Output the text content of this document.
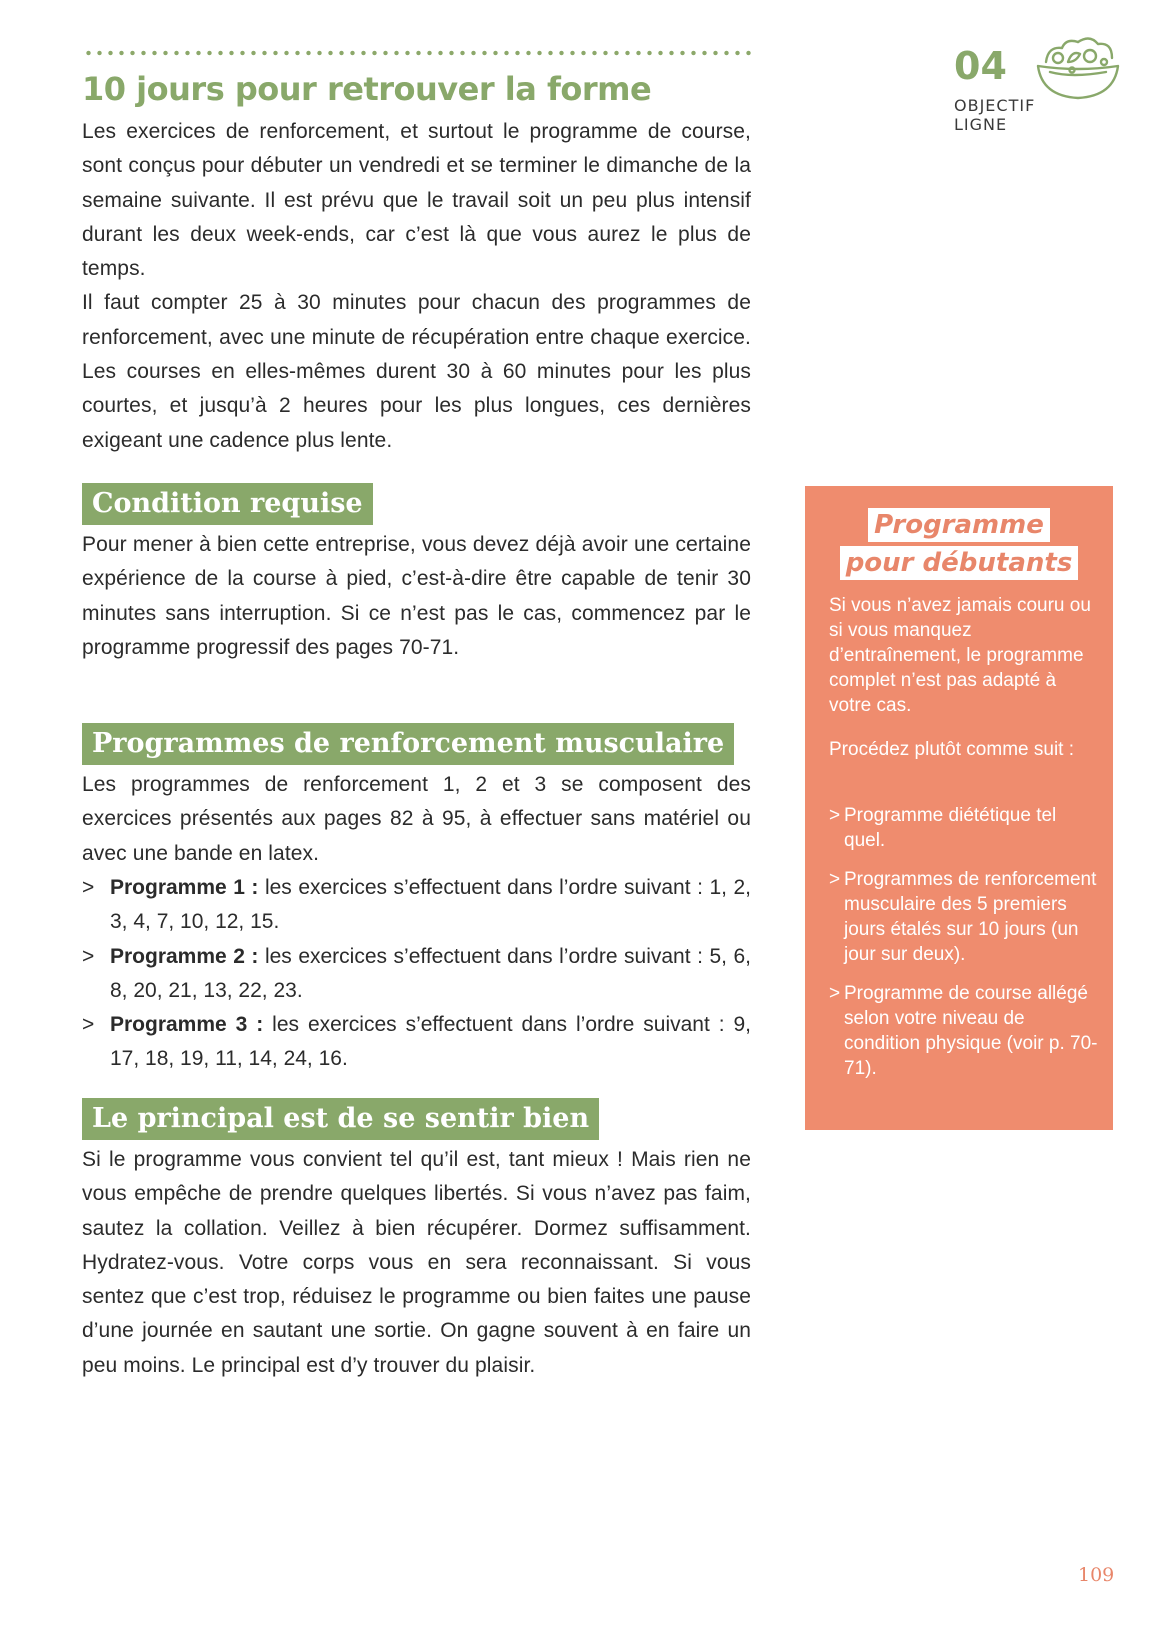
10 jours pour retrouver la forme
04
OBJECTIF
LIGNE

Les exercices de renforcement, et surtout le programme de course, sont conçus pour débuter un vendredi et se terminer le dimanche de la semaine suivante. Il est prévu que le travail soit un peu plus intensif durant les deux week-ends, car c’est là que vous aurez le plus de temps.

Il faut compter 25 à 30 minutes pour chacun des programmes de renforcement, avec une minute de récupération entre chaque exercice. Les courses en elles-mêmes durent 30 à 60 minutes pour les plus courtes, et jusqu’à 2 heures pour les plus longues, ces dernières exigeant une cadence plus lente.

Condition requise

Pour mener à bien cette entreprise, vous devez déjà avoir une certaine expérience de la course à pied, c’est-à-dire être capable de tenir 30 minutes sans interruption. Si ce n’est pas le cas, commencez par le programme progressif des pages 70-71.

Programmes de renforcement musculaire

Les programmes de renforcement 1, 2 et 3 se composent des exercices présentés aux pages 82 à 95, à effectuer sans matériel ou avec une bande en latex.

> Programme 1 : les exercices s’effectuent dans l’ordre suivant : 1, 2, 3, 4, 7, 10, 12, 15.
> Programme 2 : les exercices s’effectuent dans l’ordre suivant : 5, 6, 8, 20, 21, 13, 22, 23.
> Programme 3 : les exercices s’effectuent dans l’ordre suivant : 9, 17, 18, 19, 11, 14, 24, 16.
Le principal est de se sentir bien

Si le programme vous convient tel qu’il est, tant mieux ! Mais rien ne vous empêche de prendre quelques libertés. Si vous n’avez pas faim, sautez la collation. Veillez à bien récupérer. Dormez suffisamment. Hydratez-vous. Votre corps vous en sera reconnaissant. Si vous sentez que c’est trop, réduisez le programme ou bien faites une pause d’une journée en sautant une sortie. On gagne souvent à en faire un peu moins. Le principal est d’y trouver du plaisir.

Programme
pour débutants

Si vous n’avez jamais couru ou si vous manquez d’entraînement, le programme complet n’est pas adapté à votre cas.

Procédez plutôt comme suit :

> Programme diététique tel quel.
> Programmes de renforcement musculaire des 5 premiers jours étalés sur 10 jours (un jour sur deux).
> Programme de course allégé selon votre niveau de condition physique (voir p. 70-71).
109
